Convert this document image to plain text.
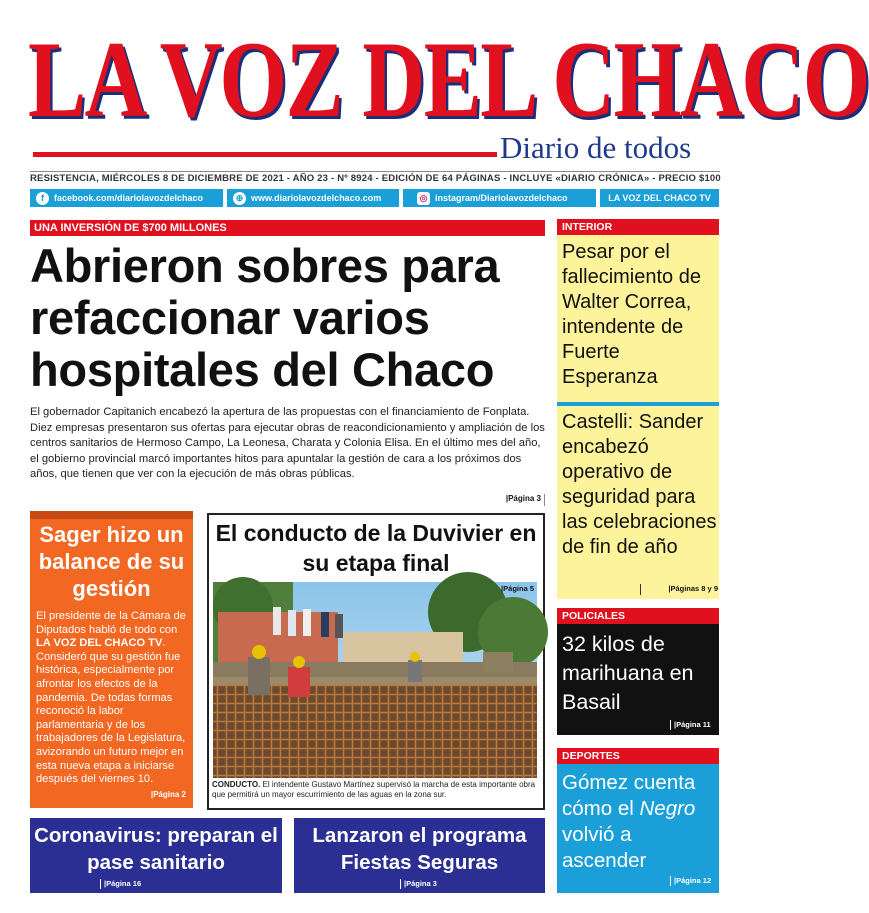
LA VOZ DEL CHACO
Diario de todos
RESISTENCIA, MIÉRCOLES 8 DE DICIEMBRE DE 2021 - AÑO 23 - Nº 8924 - EDICIÓN DE 64 PÁGINAS - INCLUYE «DIARIO CRÓNICA» - PRECIO $100
f	facebook.com/diariolavozdelchaco	⊕ www.diariolavozdelchaco.com	◎ instagram/Diariolavozdelchaco	LA VOZ DEL CHACO TV
UNA INVERSIÓN DE $700 MILLONES
Abrieron sobres para refaccionar varios hospitales del Chaco
El gobernador Capitanich encabezó la apertura de las propuestas con el financiamiento de Fonplata. Diez empresas presentaron sus ofertas para ejecutar obras de reacondicionamiento y ampliación de los centros sanitarios de Hermoso Campo, La Leonesa, Charata y Colonia Elisa. En el último mes del año, el gobierno provincial marcó importantes hitos para apuntalar la gestión de cara a los próximos dos años, que tienen que ver con la ejecución de más obras públicas.
|Página 3
Sager hizo un balance de su gestión
El presidente de la Cámara de Diputados habló de todo con LA VOZ DEL CHACO TV. Consideró que su gestión fue histórica, especialmente por afrontar los efectos de la pandemia. De todas formas reconoció la labor parlamentaria y de los trabajadores de la Legislatura, avizorando un futuro mejor en esta nueva etapa a iniciarse después del viernes 10.
|Página 2
El conducto de la Duvivier en su etapa final
|Página 5
CONDUCTO. El intendente Gustavo Martínez supervisó la marcha de esta importante obra que permitirá un mayor escurrimiento de las aguas en la zona sur.
Coronavirus: preparan el pase sanitario
|Página 16
Lanzaron el programa Fiestas Seguras
|Página 3
INTERIOR
Pesar por el fallecimiento de Walter Correa, intendente de Fuerte Esperanza
Castelli: Sander encabezó operativo de seguridad para las celebraciones de fin de año
|Páginas 8 y 9
POLICIALES
32 kilos de marihuana en Basail
|Página 11
DEPORTES
Gómez cuenta cómo el Negro volvió a ascender
|Página 12
